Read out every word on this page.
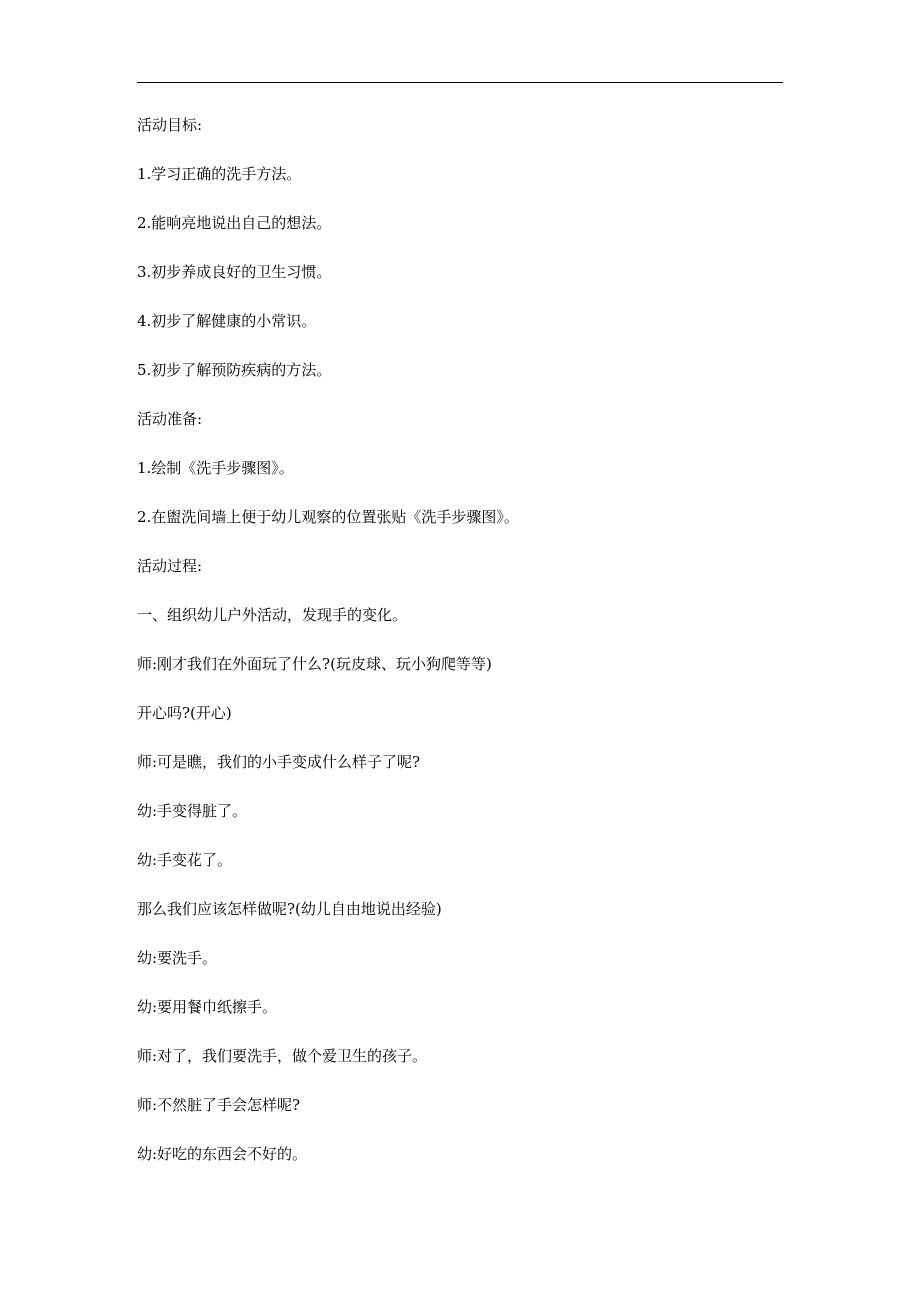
活动目标:
1.学习正确的洗手方法。
2.能响亮地说出自己的想法。
3.初步养成良好的卫生习惯。
4.初步了解健康的小常识。
5.初步了解预防疾病的方法。
活动准备:
1.绘制《洗手步骤图》。
2.在盥洗间墙上便于幼儿观察的位置张贴《洗手步骤图》。
活动过程:
一、组织幼儿户外活动，发现手的变化。
师:刚才我们在外面玩了什么?(玩皮球、玩小狗爬等等)
开心吗?(开心)
师:可是瞧，我们的小手变成什么样子了呢?
幼:手变得脏了。
幼:手变花了。
那么我们应该怎样做呢?(幼儿自由地说出经验)
幼:要洗手。
幼:要用餐巾纸擦手。
师:对了，我们要洗手，做个爱卫生的孩子。
师:不然脏了手会怎样呢?
幼:好吃的东西会不好的。
